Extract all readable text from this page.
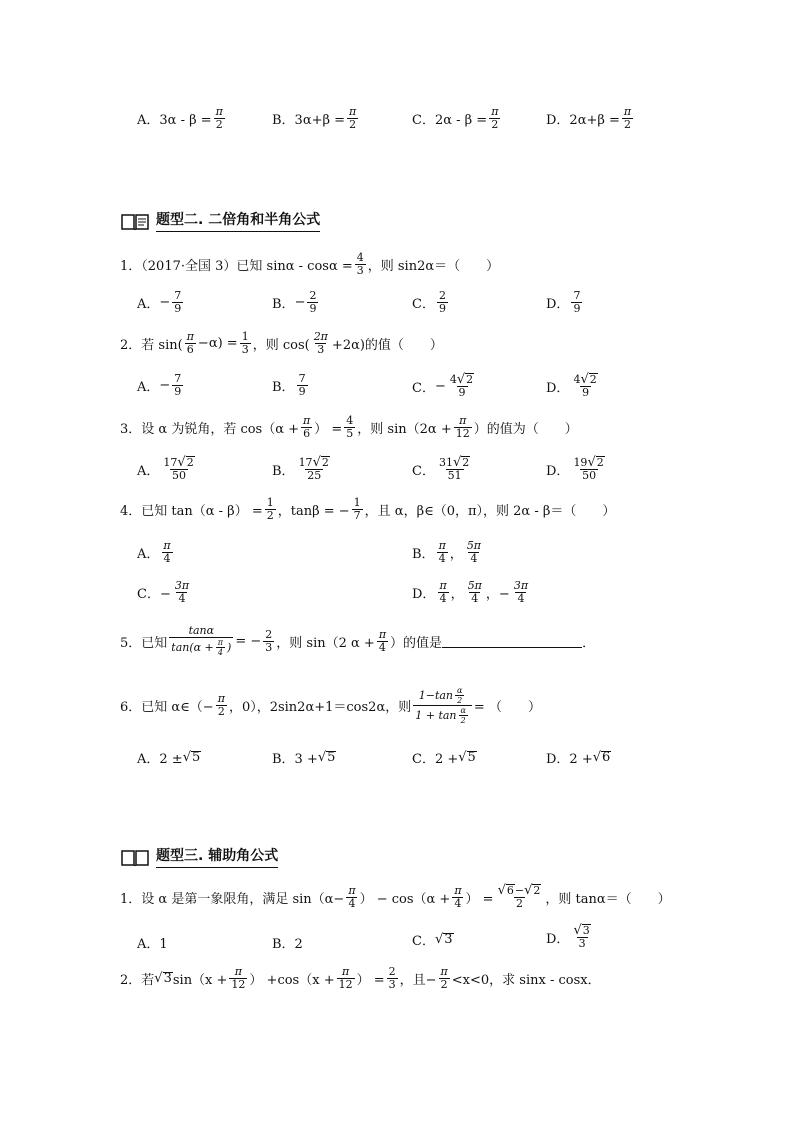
A．$3\alpha - \beta = \frac{\pi}{2}$	B．$3\alpha+\beta = \frac{\pi}{2}$	C．$2\alpha - \beta = \frac{\pi}{2}$	D．$2\alpha+\beta = \frac{\pi}{2}$
题型二. 二倍角和半角公式
1．（2017·全国 3）已知 $\sin\alpha - \cos\alpha = \frac{4}{3}$ ，则 sin2α＝（　　）
A． − $\frac{7}{9}$	B． − $\frac{2}{9}$	C． $\frac{2}{9}$	D． $\frac{7}{9}$
2．若 $\sin( \frac{\pi}{6} -\alpha) = \frac{1}{3}$ ，则 $\cos( \frac{2\pi}{3} +2\alpha)$的值（　　）
A． − $\frac{7}{9}$	B． $\frac{7}{9}$	C． − $\frac{4 √ 2}{9}$	D． $\frac{4 √ 2}{9}$
3．设 α 为锐角，若 $\cos(\alpha + \frac{\pi}{6}$ ） = $\frac{4}{5}$ ，则 $\sin(2\alpha + \frac{\pi}{12}$ ）的值为（　　）
A． $\frac{17 √ 2}{50}$	B． $\frac{17 √ 2}{25}$	C． $\frac{31 √ 2}{51}$	D． $\frac{19 √ 2}{50}$
4．已知 $\tan(\alpha - \beta) = \frac{1}{2}$ ，tanβ = − $\frac{1}{7}$ ，且 α，β∈（0，π），则 2α - β＝（　　）
A． $\frac{\pi}{4}$	B． $\frac{\pi}{4}$ ， $\frac{5\pi}{4}$
C．− $\frac{3\pi}{4}$	D． $\frac{\pi}{4}$ ， $\frac{5\pi}{4}$ ，− $\frac{3\pi}{4}$
5．已知 $\frac{\tan\alpha}{\tan(\alpha + \frac{\pi}{4} )}$ = − $\frac{2}{3}$ ，则 sin（2 $\alpha + \frac{\pi}{4}$ ）的值是	．
6．已知 α∈（− $\frac{\pi}{2}$ ，0），2sin2α+1＝cos2α，则 $\frac{1-\tan \frac{\alpha}{2}}{1 + \tan \frac{\alpha}{2}}$ = （　　）
A．2 ± √ 5	B．3 + √ 5	C．2 + √ 5	D．2 + √ 6
题型三. 辅助角公式
1．设 α 是第一象限角，满足 $\sin(\alpha- \frac{\pi}{4}$ ） − $\cos(\alpha + \frac{\pi}{4}$ ） = $\frac{√ 6 - √ 2}{2}$ ，则 tanα＝（　　）
A．1	B．2	C． √ 3	D． $\frac{√ 3}{3}$
2．若 √ 3 $\sin(x + \frac{\pi}{12}$ ） $+\cos(x + \frac{\pi}{12}$ ） = $\frac{2}{3}$ ，且− $\frac{\pi}{2} <x<0$，求 sinx - cosx．
